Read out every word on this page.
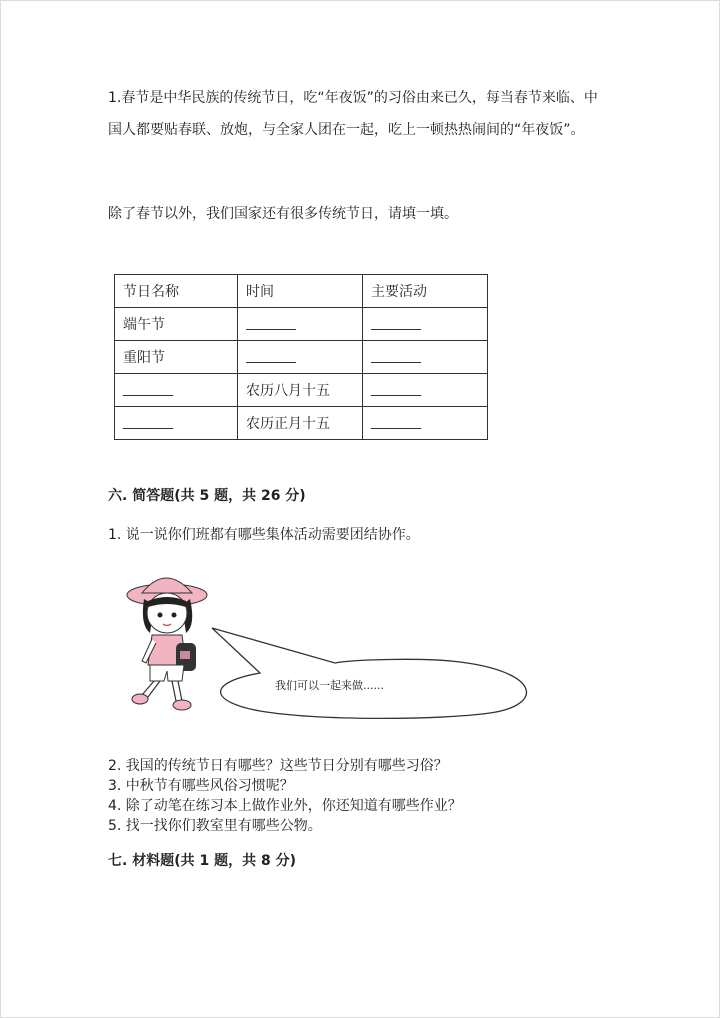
1.春节是中华民族的传统节日，吃“年夜饭”的习俗由来已久，每当春节来临、中国人都要贴春联、放炮，与全家人团在一起，吃上一顿热热闹间的“年夜饭”。

除了春节以外，我们国家还有很多传统节日，请填一填。
节日名称	时间	主要活动
端午节		
重阳节		
	农历八月十五	
	农历正月十五	
六. 简答题(共 5 题，共 26 分)
1. 说一说你们班都有哪些集体活动需要团结协作。
我们可以一起来做......
2. 我国的传统节日有哪些？这些节日分别有哪些习俗？
3. 中秋节有哪些风俗习惯呢？
4. 除了动笔在练习本上做作业外，你还知道有哪些作业？
5. 找一找你们教室里有哪些公物。
七. 材料题(共 1 题，共 8 分)
